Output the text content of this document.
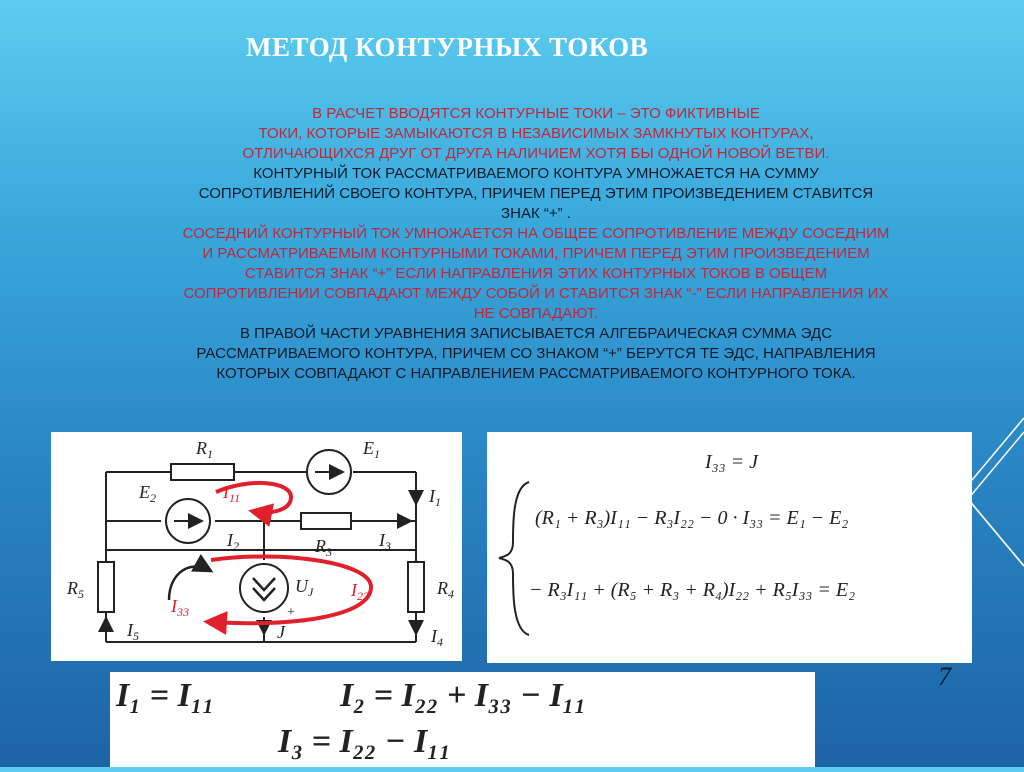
МЕТОД КОНТУРНЫХ ТОКОВ
В РАСЧЕТ ВВОДЯТСЯ КОНТУРНЫЕ ТОКИ – ЭТО ФИКТИВНЫЕ
ТОКИ, КОТОРЫЕ ЗАМЫКАЮТСЯ В НЕЗАВИСИМЫХ ЗАМКНУТЫХ КОНТУРАХ,
ОТЛИЧАЮЩИХСЯ ДРУГ ОТ ДРУГА НАЛИЧИЕМ ХОТЯ БЫ ОДНОЙ НОВОЙ ВЕТВИ.
КОНТУРНЫЙ ТОК РАССМАТРИВАЕМОГО КОНТУРА УМНОЖАЕТСЯ НА СУММУ
СОПРОТИВЛЕНИЙ СВОЕГО КОНТУРА, ПРИЧЕМ ПЕРЕД ЭТИМ ПРОИЗВЕДЕНИЕМ СТАВИТСЯ
ЗНАК “+” .
СОСЕДНИЙ КОНТУРНЫЙ ТОК УМНОЖАЕТСЯ НА ОБЩЕЕ СОПРОТИВЛЕНИЕ МЕЖДУ СОСЕДНИМ
И РАССМАТРИВАЕМЫМ КОНТУРНЫМИ ТОКАМИ, ПРИЧЕМ ПЕРЕД ЭТИМ ПРОИЗВЕДЕНИЕМ
СТАВИТСЯ ЗНАК “+” ЕСЛИ НАПРАВЛЕНИЯ ЭТИХ КОНТУРНЫХ ТОКОВ В ОБЩЕМ
СОПРОТИВЛЕНИИ СОВПАДАЮТ МЕЖДУ СОБОЙ И СТАВИТСЯ ЗНАК “-” ЕСЛИ НАПРАВЛЕНИЯ ИХ
НЕ СОВПАДАЮТ.
В ПРАВОЙ ЧАСТИ УРАВНЕНИЯ ЗАПИСЫВАЕТСЯ АЛГЕБРАИЧЕСКАЯ СУММА ЭДС
РАССМАТРИВАЕМОГО КОНТУРА, ПРИЧЕМ СО ЗНАКОМ “+” БЕРУТСЯ ТЕ ЭДС, НАПРАВЛЕНИЯ
КОТОРЫХ СОВПАДАЮТ С НАПРАВЛЕНИЕМ РАССМАТРИВАЕМОГО КОНТУРНОГО ТОКА.
$R_1$	$E_1$
$E_2$	$I_{11}$	$I_1$
$I_2$	$R_3$
$I_3$
$R_5$	$R_4$
$U_J$
+
$I_{22}$
$I_{33}$
$I_5$	J	$I_4$
I₃₃ = J
(R₁ + R₃)I₁₁ − R₃I₂₂ − 0 · I₃₃ = E₁ − E₂
− R₃I₁₁ + (R₅ + R₃ + R₄)I₂₂ + R₅I₃₃ = E₂
I₁ = I₁₁	I₂ = I₂₂ + I₃₃ − I₁₁
I₃ = I₂₂ − I₁₁
7
